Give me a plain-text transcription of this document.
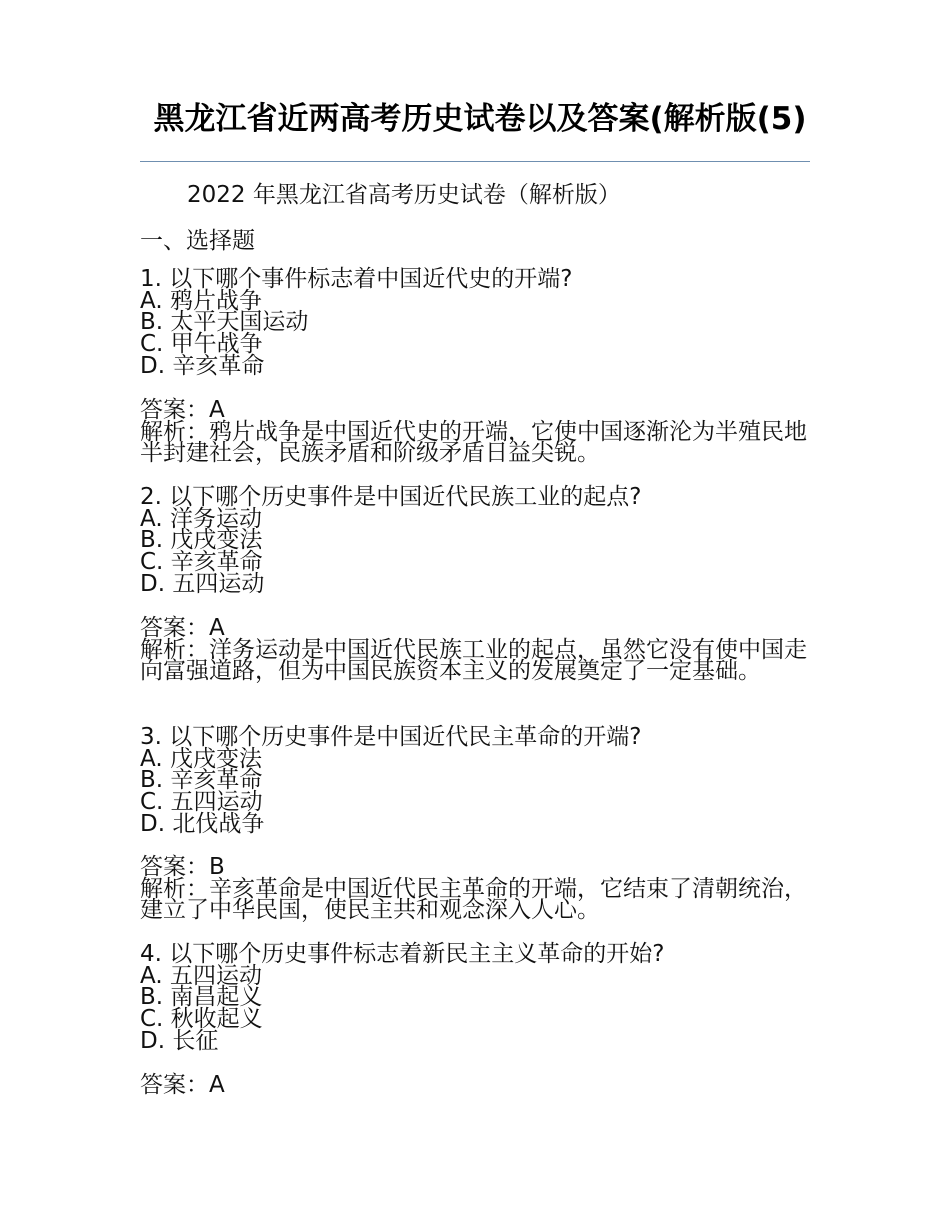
黑龙江省近两高考历史试卷以及答案(解析版(5)
2022 年黑龙江省高考历史试卷（解析版）
一、选择题
1. 以下哪个事件标志着中国近代史的开端?
A. 鸦片战争
B. 太平天国运动
C. 甲午战争
D. 辛亥革命
答案：A
解析：鸦片战争是中国近代史的开端，它使中国逐渐沦为半殖民地半封建社会，民族矛盾和阶级矛盾日益尖锐。
2. 以下哪个历史事件是中国近代民族工业的起点?
A. 洋务运动
B. 戊戌变法
C. 辛亥革命
D. 五四运动
答案：A
解析：洋务运动是中国近代民族工业的起点，虽然它没有使中国走向富强道路，但为中国民族资本主义的发展奠定了一定基础。
3. 以下哪个历史事件是中国近代民主革命的开端?
A. 戊戌变法
B. 辛亥革命
C. 五四运动
D. 北伐战争
答案：B
解析：辛亥革命是中国近代民主革命的开端，它结束了清朝统治，建立了中华民国，使民主共和观念深入人心。
4. 以下哪个历史事件标志着新民主主义革命的开始?
A. 五四运动
B. 南昌起义
C. 秋收起义
D. 长征
答案：A
